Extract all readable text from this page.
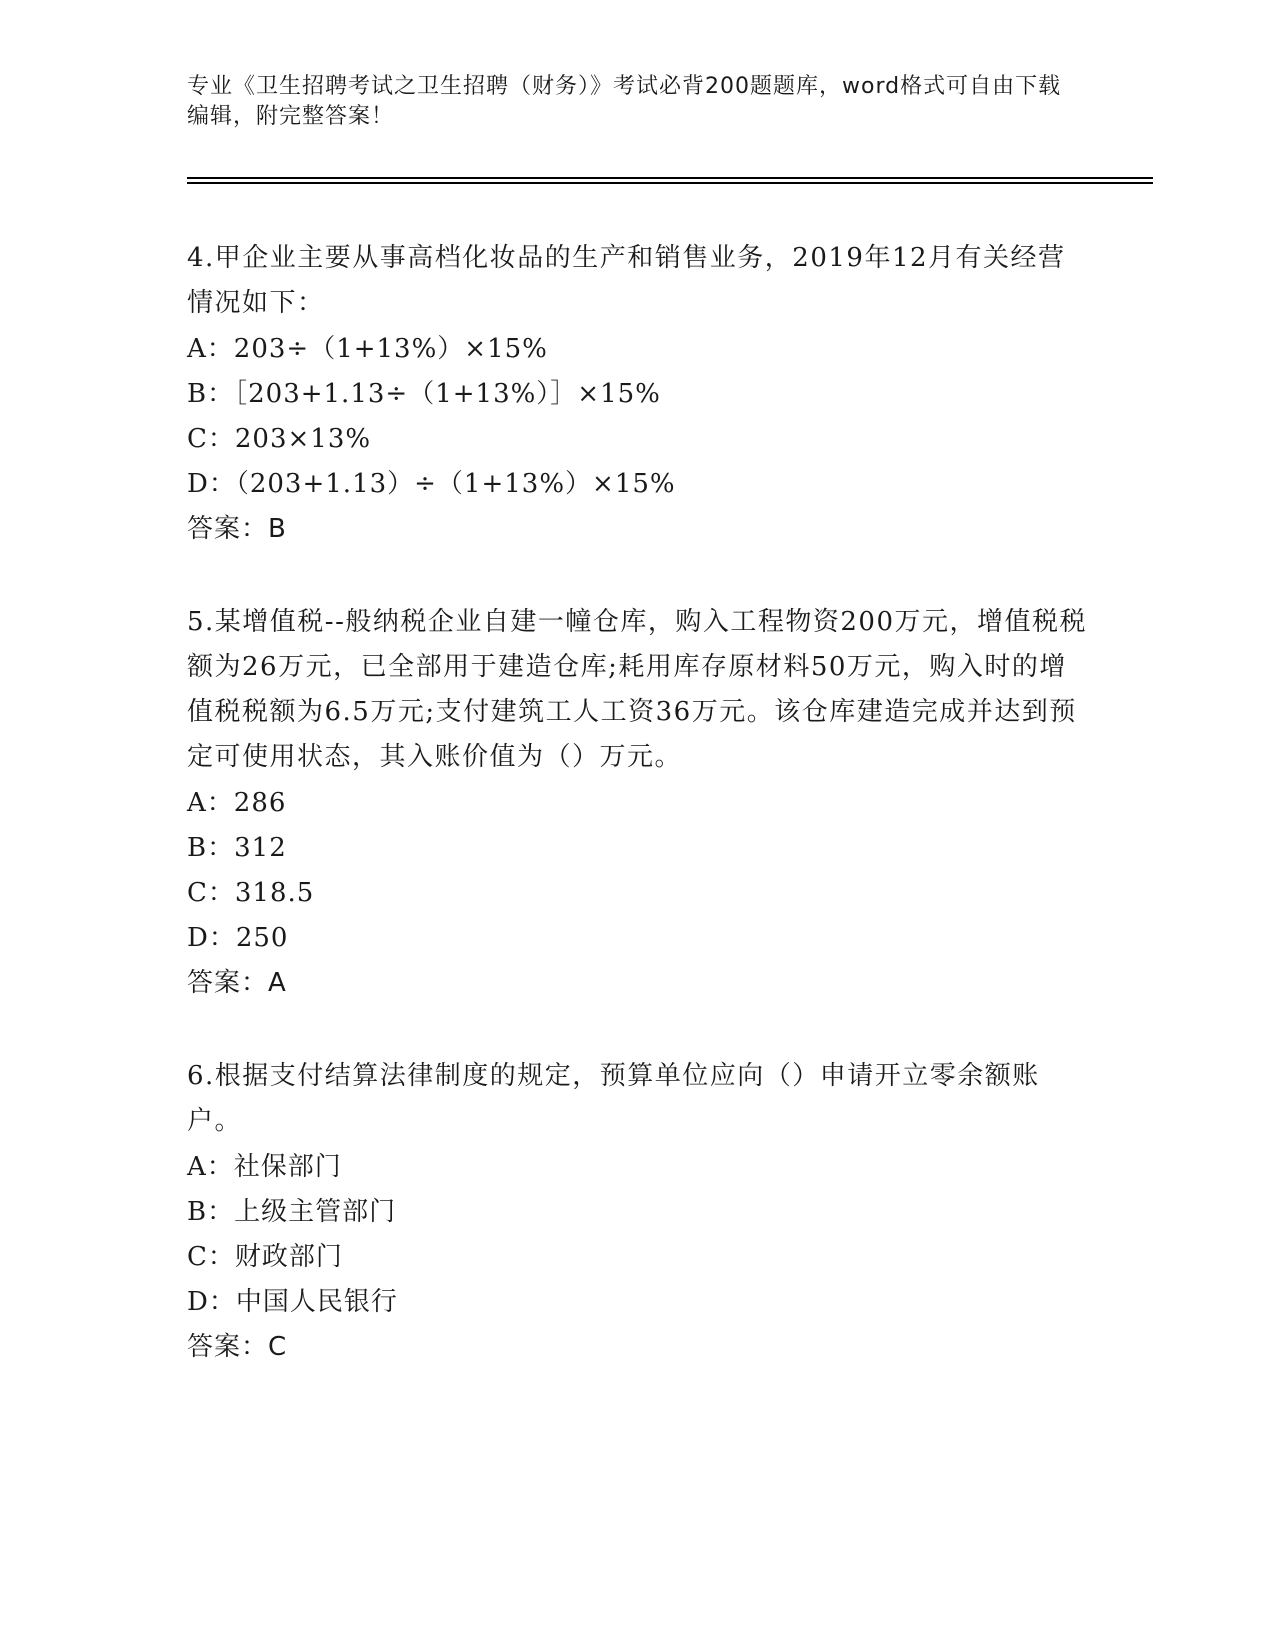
专业《卫生招聘考试之卫生招聘（财务）》考试必背200题题库，word格式可自由下载编辑，附完整答案！

4.甲企业主要从事高档化妆品的生产和销售业务，2019年12月有关经营情况如下：

A：203÷（1+13%）×15%

B：［203+1.13÷（1+13%）］×15%

C：203×13%

D：（203+1.13）÷（1+13%）×15%

答案：B

5.某增值税--般纳税企业自建一幢仓库，购入工程物资200万元，增值税税额为26万元，已全部用于建造仓库;耗用库存原材料50万元，购入时的增值税税额为6.5万元;支付建筑工人工资36万元。该仓库建造完成并达到预定可使用状态，其入账价值为（）万元。

A：286

B：312

C：318.5

D：250

答案：A

6.根据支付结算法律制度的规定，预算单位应向（）申请开立零余额账户。

A：社保部门

B：上级主管部门

C：财政部门

D：中国人民银行

答案：C
